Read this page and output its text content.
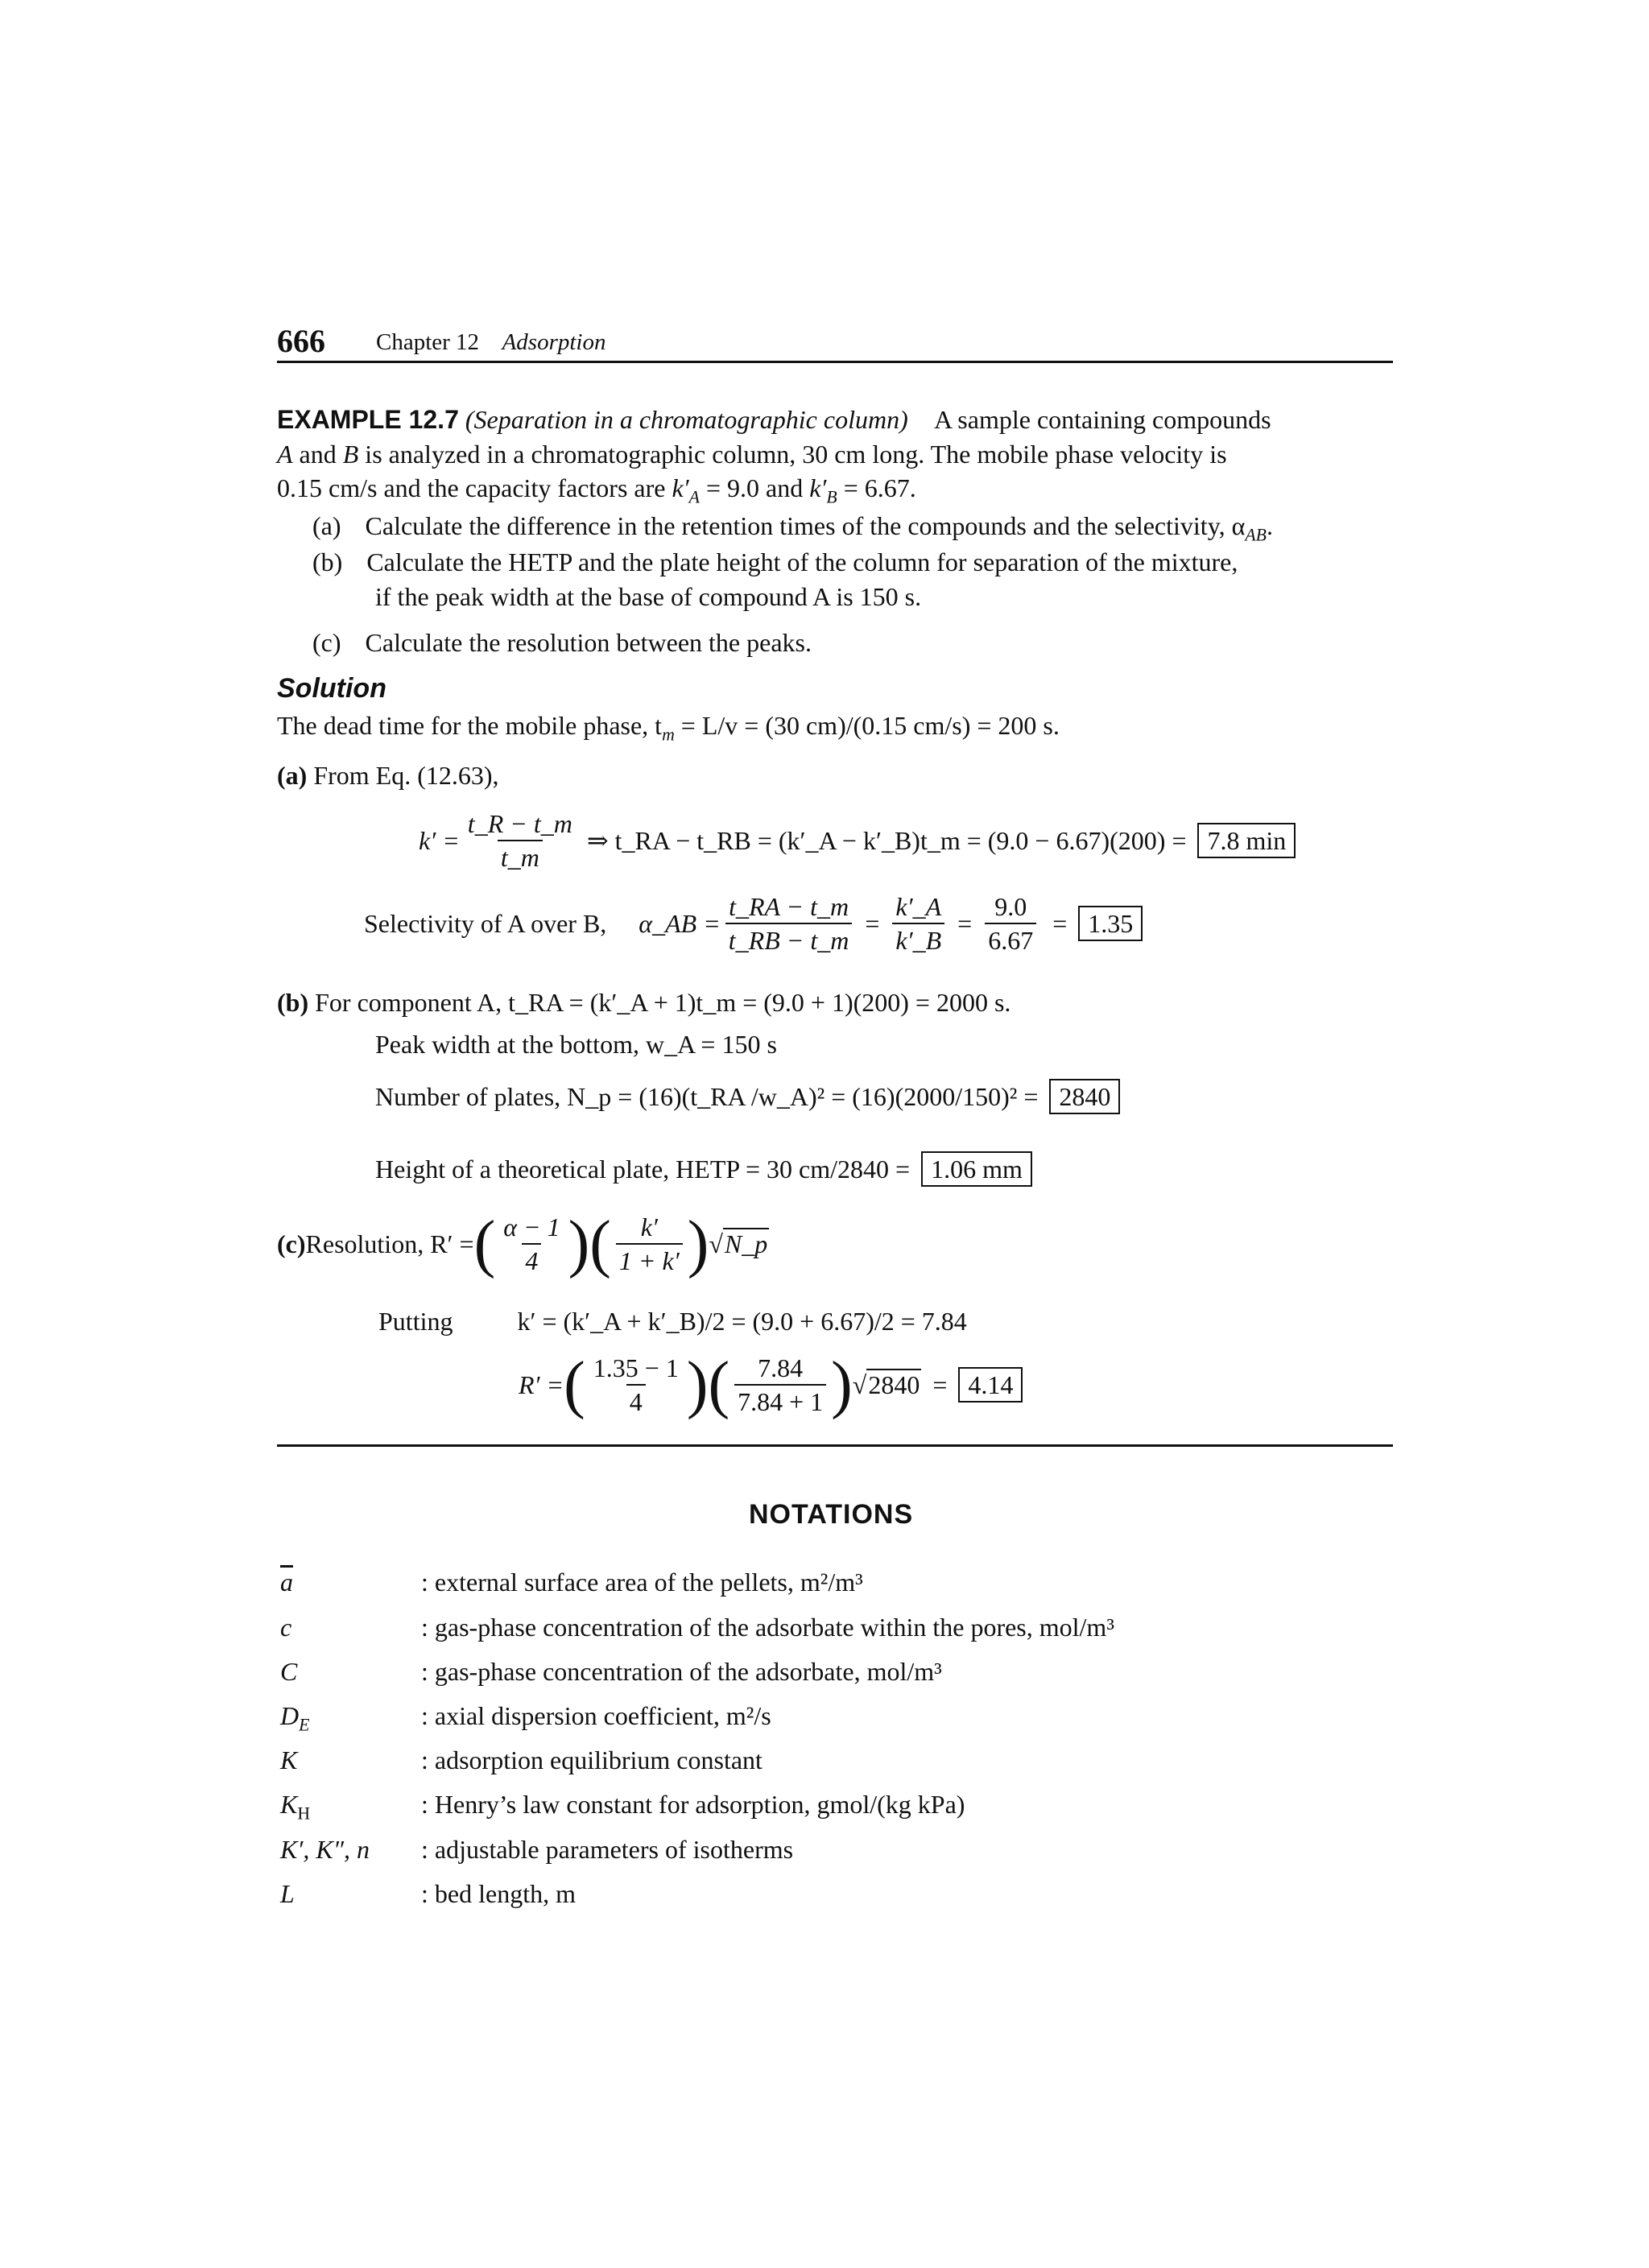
666 Chapter 12 Adsorption
EXAMPLE 12.7 (Separation in a chromatographic column) A sample containing compounds
A and B is analyzed in a chromatographic column, 30 cm long. The mobile phase velocity is
0.15 cm/s and the capacity factors are $k'_A = 9.0$ and $k'_B = 6.67$.
(a) Calculate the difference in the retention times of the compounds and the selectivity, $\alpha_{AB}$.
(b) Calculate the HETP and the plate height of the column for separation of the mixture,
if the peak width at the base of compound A is 150 s.
(c) Calculate the resolution between the peaks.
Solution
The dead time for the mobile phase, $t_m = L/v = (30$ cm)/(0.15 cm/s) = 200 s.
(a) From Eq. (12.63),
$k' = \frac{t\_R - t\_m}{t\_m}$ ⇒ t_RA − t_RB = (k′_A − k′_B)t_m = (9.0 − 6.67)(200) = 7.8 min
Selectivity of A over B, α_AB = $\frac{t\_RA - t\_m}{t\_RB - t\_m} = \frac{k'\_A}{k'\_B} = \frac{9.0}{6.67} = 1.35$
(b) For component A, t_RA = (k′_A + 1)t_m = (9.0 + 1)(200) = 2000 s.
Peak width at the bottom, w_A = 150 s
Number of plates, N_p = (16)(t_RA /w_A)² = (16)(2000/150)² = 2840
Height of a theoretical plate, HETP = 30 cm/2840 = 1.06 mm
(c) Resolution, R′ = ( $\frac{\alpha - 1}{4}$ )( $\frac{k'}{1 + k'}$ ) √N_p
Putting	k′ = (k′_A + k′_B)/2 = (9.0 + 6.67)/2 = 7.84
R′ = ( $\frac{1.35 - 1}{4}$ )( $\frac{7.84}{7.84 + 1}$ ) √2840 = 4.14
NOTATIONS
$\overline{a}$	: external surface area of the pellets, m²/m³
c	: gas-phase concentration of the adsorbate within the pores, mol/m³
C	: gas-phase concentration of the adsorbate, mol/m³
$D_E$	: axial dispersion coefficient, m²/s
K	: adsorption equilibrium constant
$K_H$	: Henry’s law constant for adsorption, gmol/(kg kPa)
K′, K″, n : adjustable parameters of isotherms
L	: bed length, m
